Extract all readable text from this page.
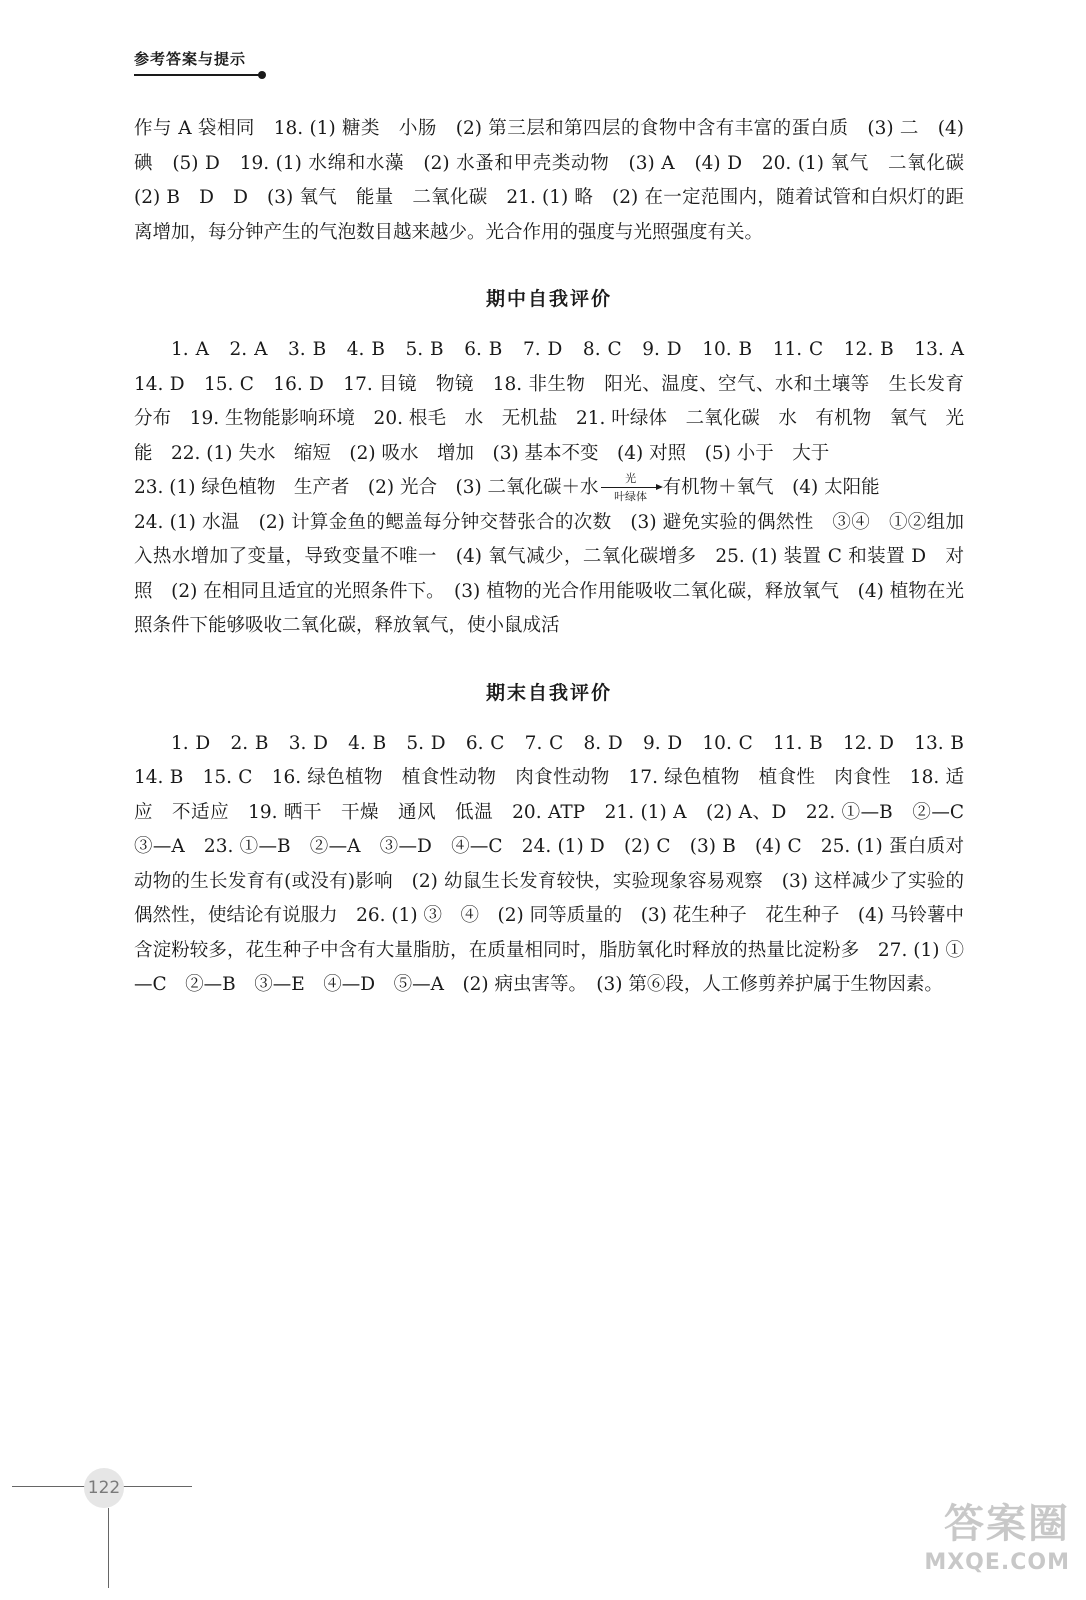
参考答案与提示

作与 A 袋相同　18. (1) 糖类　小肠　(2) 第三层和第四层的食物中含有丰富的蛋白质　(3) 二　(4) 碘　(5) D　19. (1) 水绵和水藻　(2) 水蚤和甲壳类动物　(3) A　(4) D　20. (1) 氧气　二氧化碳　(2) B　D　D　(3) 氧气　能量　二氧化碳　21. (1) 略　(2) 在一定范围内，随着试管和白炽灯的距离增加，每分钟产生的气泡数目越来越少。光合作用的强度与光照强度有关。

期中自我评价

1. A　2. A　3. B　4. B　5. B　6. B　7. D　8. C　9. D　10. B　11. C　12. B　13. A　14. D　15. C　16. D　17. 目镜　物镜　18. 非生物　阳光、温度、空气、水和土壤等　生长发育　分布　19. 生物能影响环境　20. 根毛　水　无机盐　21. 叶绿体　二氧化碳　水　有机物　氧气　光能　22. (1) 失水　缩短　(2) 吸水　增加　(3) 基本不变　(4) 对照　(5) 小于　大于

23. (1) 绿色植物　生产者　(2) 光合　(3) 二氧化碳＋水	光
叶绿体 有机物＋氧气　(4) 太阳能

24. (1) 水温　(2) 计算金鱼的鳃盖每分钟交替张合的次数　(3) 避免实验的偶然性　③④　①②组加入热水增加了变量，导致变量不唯一　(4) 氧气减少，二氧化碳增多　25. (1) 装置 C 和装置 D　对照　(2) 在相同且适宜的光照条件下。　(3) 植物的光合作用能吸收二氧化碳，释放氧气　(4) 植物在光照条件下能够吸收二氧化碳，释放氧气，使小鼠成活

期末自我评价

1. D　2. B　3. D　4. B　5. D　6. C　7. C　8. D　9. D　10. C　11. B　12. D　13. B　14. B　15. C　16. 绿色植物　植食性动物　肉食性动物　17. 绿色植物　植食性　肉食性　18. 适应　不适应　19. 晒干　干燥　通风　低温　20. ATP　21. (1) A　(2) A、D　22. ①—B　②—C　③—A　23. ①—B　②—A　③—D　④—C　24. (1) D　(2) C　(3) B　(4) C　25. (1) 蛋白质对动物的生长发育有(或没有)影响　(2) 幼鼠生长发育较快，实验现象容易观察　(3) 这样减少了实验的偶然性，使结论有说服力　26. (1) ③　④　(2) 同等质量的　(3) 花生种子　花生种子　(4) 马铃薯中含淀粉较多，花生种子中含有大量脂肪，在质量相同时，脂肪氧化时释放的热量比淀粉多　27. (1) ①—C　②—B　③—E　④—D　⑤—A　(2) 病虫害等。　(3) 第⑥段，人工修剪养护属于生物因素。

122
答案圈
MXQE.COM
